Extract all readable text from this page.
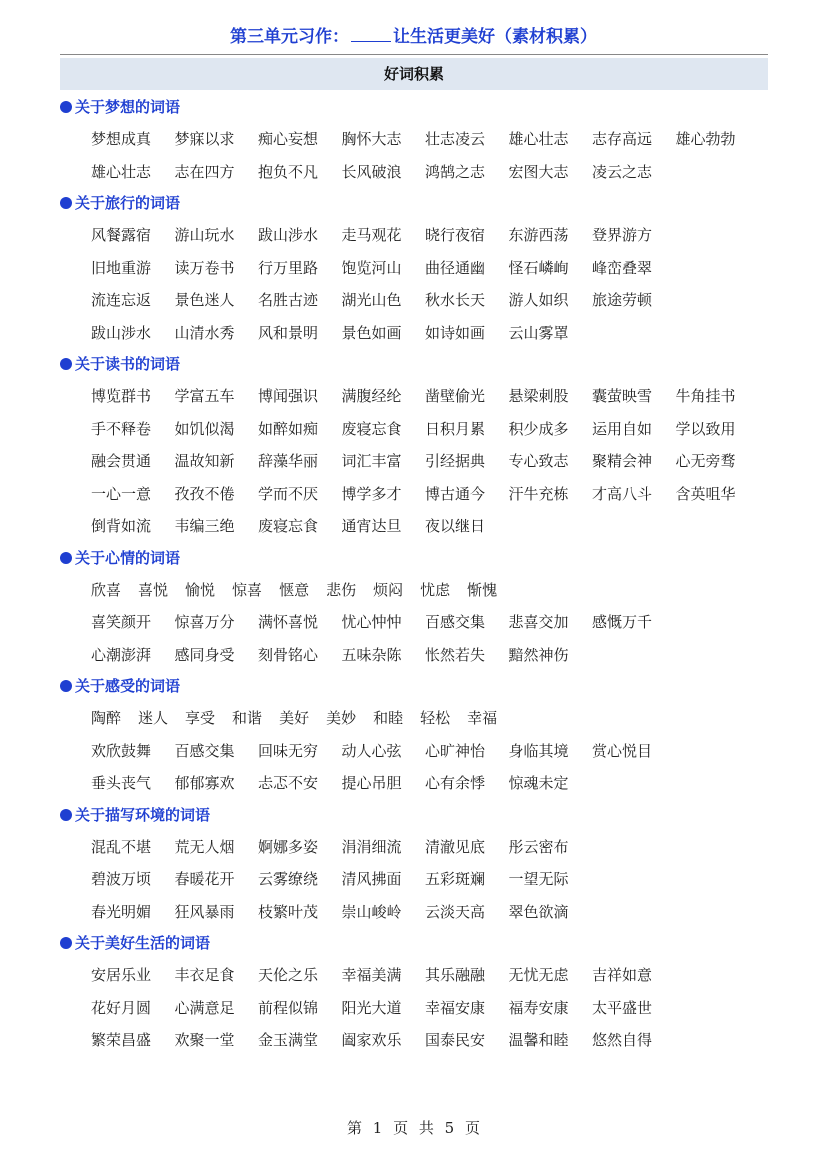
第三单元习作：	让生活更美好（素材积累）
好词积累
关于梦想的词语
梦想成真 梦寐以求 痴心妄想 胸怀大志 壮志凌云 雄心壮志 志存高远 雄心勃勃
雄心壮志 志在四方 抱负不凡 长风破浪 鸿鹄之志 宏图大志 凌云之志
关于旅行的词语
风餐露宿 游山玩水 跋山涉水 走马观花 晓行夜宿 东游西荡 登界游方
旧地重游 读万卷书 行万里路 饱览河山 曲径通幽 怪石嶙峋 峰峦叠翠
流连忘返 景色迷人 名胜古迹 湖光山色 秋水长天 游人如织 旅途劳顿
跋山涉水 山清水秀 风和景明 景色如画 如诗如画 云山雾罩
关于读书的词语
博览群书 学富五车 博闻强识 满腹经纶 凿壁偷光 悬梁刺股 囊萤映雪 牛角挂书
手不释卷 如饥似渴 如醉如痴 废寝忘食 日积月累 积少成多 运用自如 学以致用
融会贯通 温故知新 辞藻华丽 词汇丰富 引经据典 专心致志 聚精会神 心无旁骛
一心一意 孜孜不倦 学而不厌 博学多才 博古通今 汗牛充栋 才高八斗 含英咀华
倒背如流 韦编三绝 废寝忘食 通宵达旦 夜以继日
关于心情的词语
欣喜 喜悦 愉悦 惊喜 惬意 悲伤 烦闷 忧虑 惭愧
喜笑颜开 惊喜万分 满怀喜悦 忧心忡忡 百感交集 悲喜交加 感慨万千
心潮澎湃 感同身受 刻骨铭心 五味杂陈 怅然若失 黯然神伤
关于感受的词语
陶醉 迷人 享受 和谐 美好 美妙 和睦 轻松 幸福
欢欣鼓舞 百感交集 回味无穷 动人心弦 心旷神怡 身临其境 赏心悦目
垂头丧气 郁郁寡欢 忐忑不安 提心吊胆 心有余悸 惊魂未定
关于描写环境的词语
混乱不堪 荒无人烟 婀娜多姿 涓涓细流 清澈见底 彤云密布
碧波万顷 春暖花开 云雾缭绕 清风拂面 五彩斑斓 一望无际
春光明媚 狂风暴雨 枝繁叶茂 崇山峻岭 云淡天高 翠色欲滴
关于美好生活的词语
安居乐业 丰衣足食 天伦之乐 幸福美满 其乐融融 无忧无虑 吉祥如意
花好月圆 心满意足 前程似锦 阳光大道 幸福安康 福寿安康 太平盛世
繁荣昌盛 欢聚一堂 金玉满堂 阖家欢乐 国泰民安 温馨和睦 悠然自得
第 1 页 共 5 页
